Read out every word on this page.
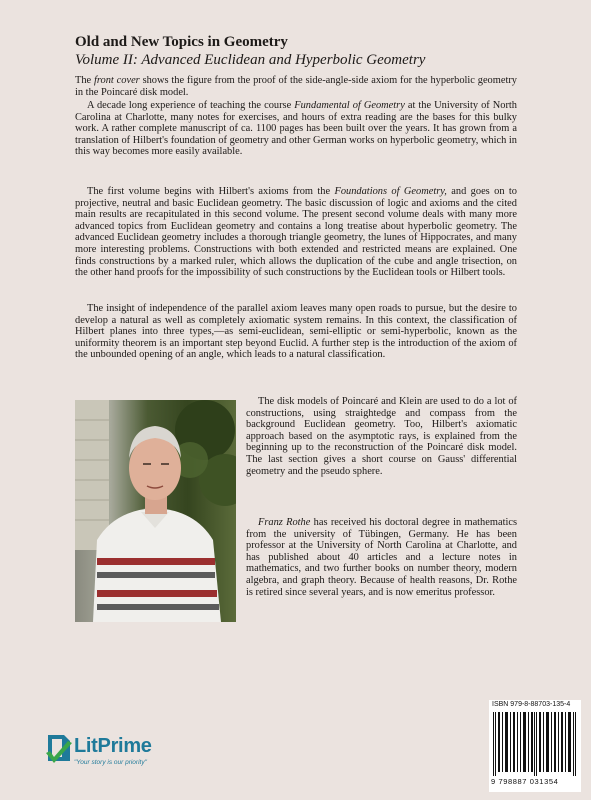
Old and New Topics in Geometry
Volume II: Advanced Euclidean and Hyperbolic Geometry

The front cover shows the figure from the proof of the side-angle-side axiom for the hyperbolic geometry in the Poincaré disk model.

A decade long experience of teaching the course Fundamental of Geometry at the University of North Carolina at Charlotte, many notes for exercises, and hours of extra reading are the bases for this bulky work. A rather complete manuscript of ca. 1100 pages has been built over the years. It has grown from a translation of Hilbert's foundation of geometry and other German works on hyperbolic geometry, which in this way becomes more easily available.

The first volume begins with Hilbert's axioms from the Foundations of Geometry, and goes on to projective, neutral and basic Euclidean geometry. The basic discussion of logic and axioms and the cited main results are recapitulated in this second volume. The present second volume deals with many more advanced topics from Euclidean geometry and contains a long treatise about hyperbolic geometry. The advanced Euclidean geometry includes a thorough triangle geometry, the lunes of Hippocrates, and many more interesting problems. Constructions with both extended and restricted means are explained. One finds constructions by a marked ruler, which allows the duplication of the cube and angle trisection, on the other hand proofs for the impossibility of such constructions by the Euclidean tools or Hilbert tools.

The insight of independence of the parallel axiom leaves many open roads to pursue, but the desire to develop a natural as well as completely axiomatic system remains. In this context, the classification of Hilbert planes into three types,—as semi-euclidean, semi-elliptic or semi-hyperbolic, known as the uniformity theorem is an important step beyond Euclid. A further step is the introduction of the axiom of the unbounded opening of an angle, which leads to a natural classification.

The disk models of Poincaré and Klein are used to do a lot of constructions, using straightedge and compass from the background Euclidean geometry. Too, Hilbert's axiomatic approach based on the asymptotic rays, is explained from the beginning up to the reconstruction of the Poincaré disk model. The last section gives a short course on Gauss' differential geometry and the pseudo sphere.

Franz Rothe has received his doctoral degree in mathematics from the university of Tübingen, Germany. He has been professor at the University of North Carolina at Charlotte, and has published about 40 articles and a lecture notes in mathematics, and two further books on number theory, modern algebra, and graph theory. Because of health reasons, Dr. Rothe is retired since several years, and is now emeritus professor.

LitPrime
"Your story is our priority"
ISBN 979-8-88703-135-4
9 798887 031354
